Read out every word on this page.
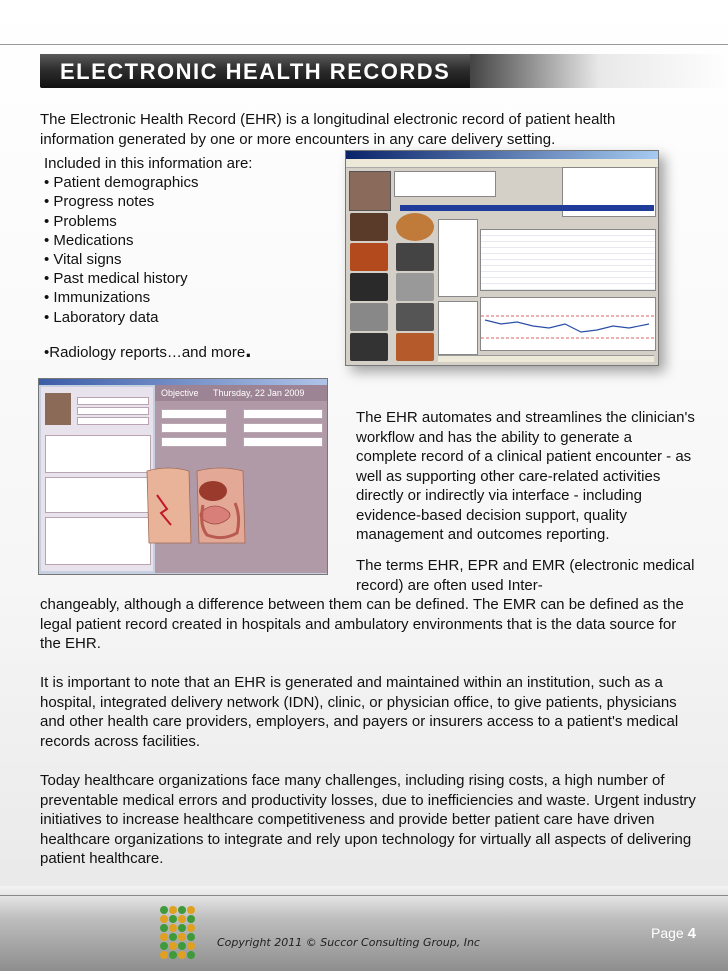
ELECTRONIC HEALTH RECORDS

The Electronic Health Record (EHR) is a longitudinal electronic record of patient health information generated by one or more encounters in any care delivery setting.

Included in this information are:
• Patient demographics
• Progress notes
• Problems
• Medications
• Vital signs
• Past medical history
• Immunizations
• Laboratory data
•Radiology reports…and more.
Objective Thursday, 22 Jan 2009

The EHR automates and streamlines the clinician's workflow and has the ability to generate a complete record of a clinical patient encounter - as well as supporting other care-related activities directly or indirectly via interface - including evidence-based decision support, quality management and outcomes reporting.

The terms EHR, EPR and EMR (electronic medical record) are often used Inter-

changeably, although a difference between them can be defined. The EMR can be defined as the legal patient record created in hospitals and ambulatory environments that is the data source for the EHR.

It is important to note that an EHR is generated and maintained within an institution, such as a hospital, integrated delivery network (IDN), clinic, or physician office, to give patients, physicians and other health care providers, employers, and payers or insurers access to a patient's medical records across facilities.

Today healthcare organizations face many challenges, including rising costs, a high number of preventable medical errors and productivity losses, due to inefficiencies and waste. Urgent industry initiatives to increase healthcare competitiveness and provide better patient care have driven healthcare organizations to integrate and rely upon technology for virtually all aspects of delivering patient healthcare.

Copyright 2011 © Succor Consulting Group, Inc
Page 4
